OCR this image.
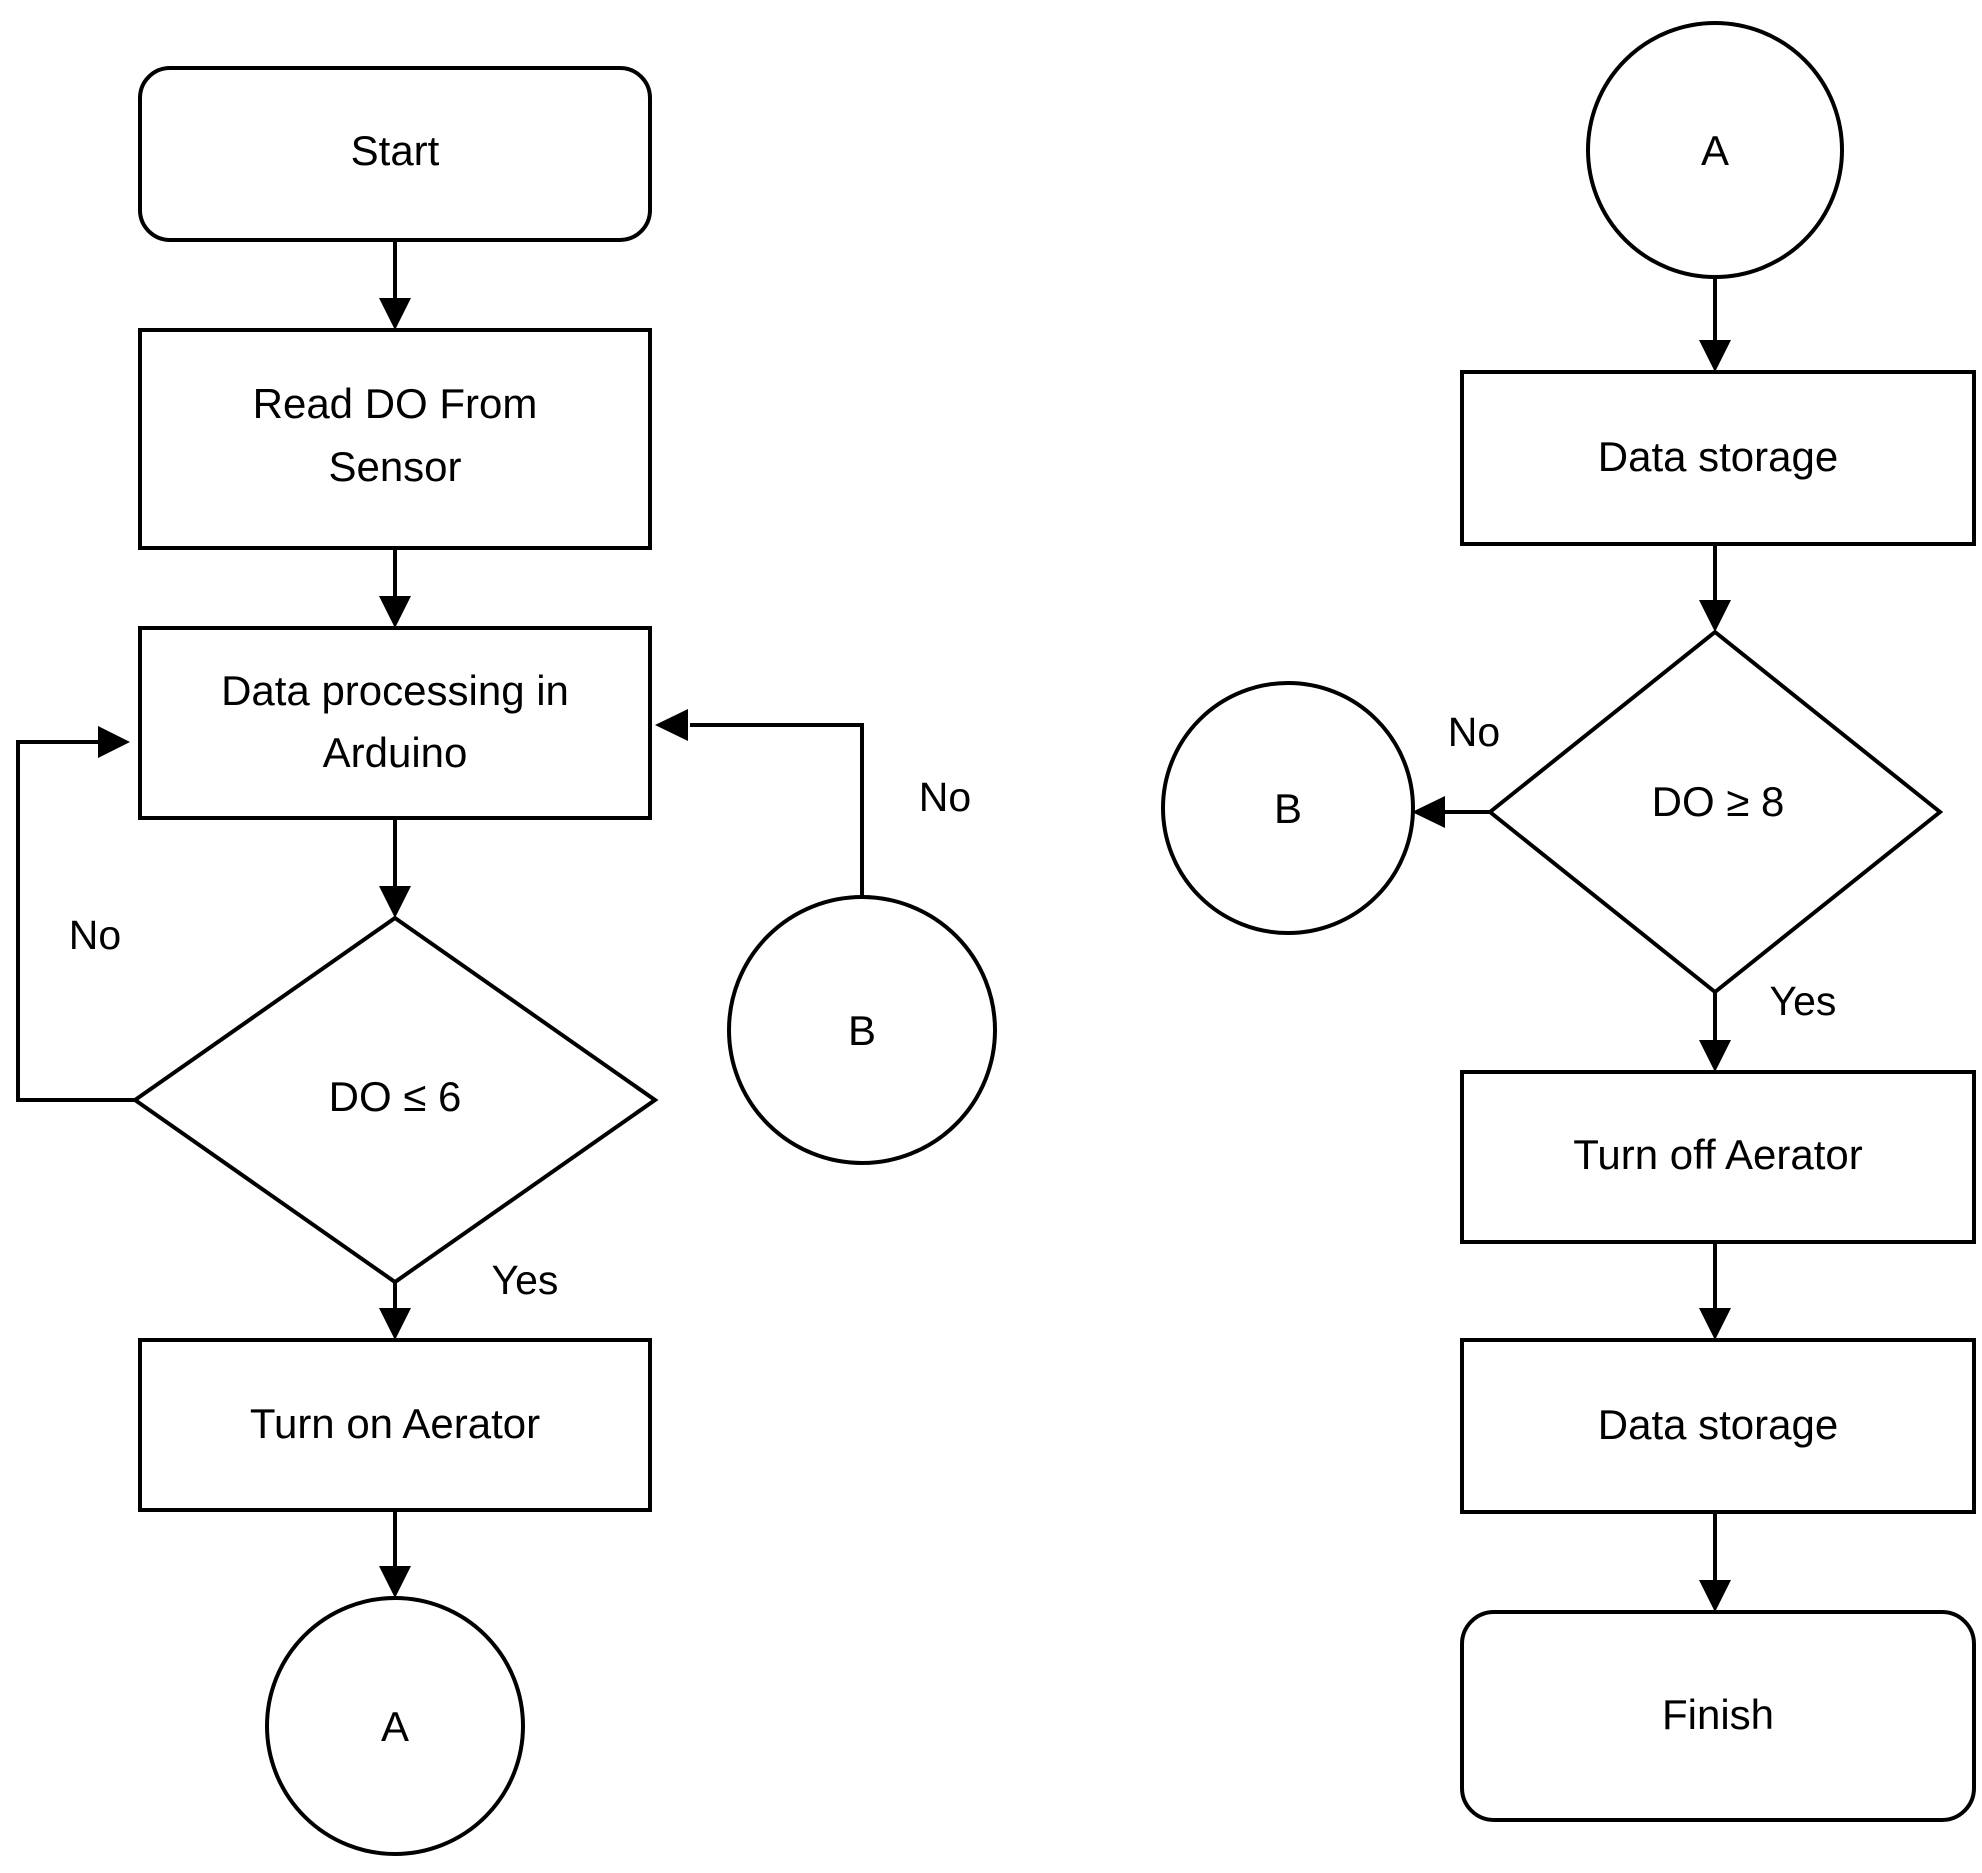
Start
Read DO From
Sensor
Data processing in
Arduino
DO ≤ 6
No
Yes
Turn on Aerator
A
B
No
A
Data storage
DO ≥ 8
No
B
Yes
Turn off Aerator
Data storage
Finish
